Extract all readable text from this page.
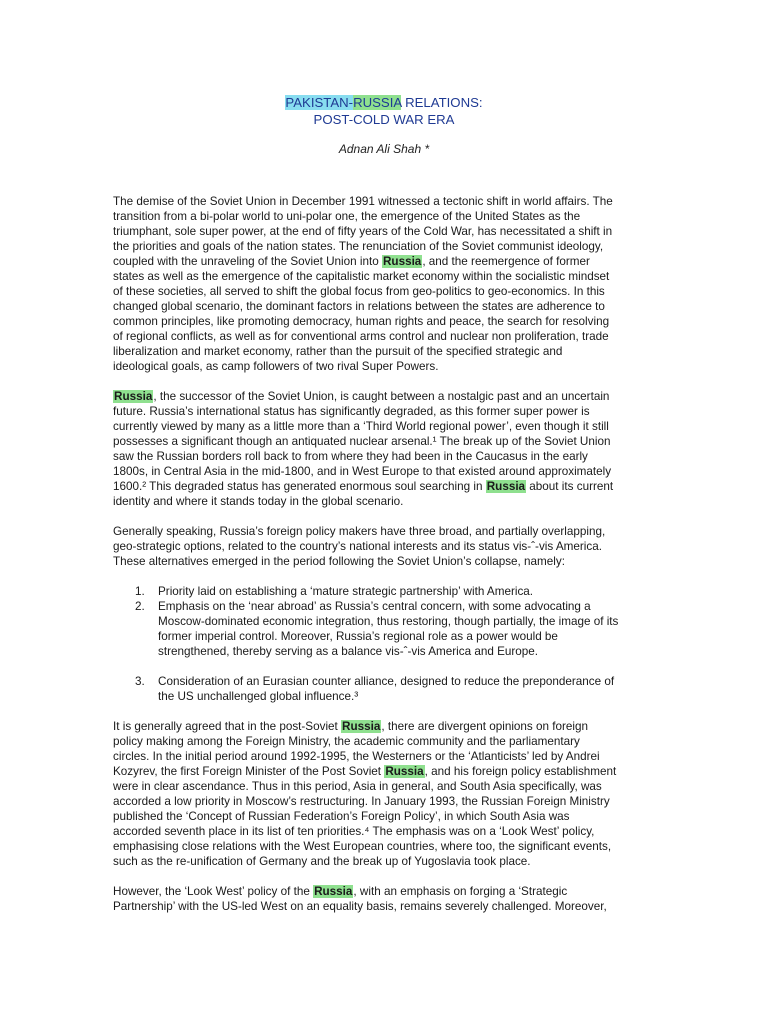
PAKISTAN-RUSSIA RELATIONS:
POST-COLD WAR ERA
Adnan Ali Shah *
The demise of the Soviet Union in December 1991 witnessed a tectonic shift in world affairs. The
transition from a bi-polar world to uni-polar one, the emergence of the United States as the
triumphant, sole super power, at the end of fifty years of the Cold War, has necessitated a shift in
the priorities and goals of the nation states. The renunciation of the Soviet communist ideology,
coupled with the unraveling of the Soviet Union into Russia, and the reemergence of former
states as well as the emergence of the capitalistic market economy within the socialistic mindset
of these societies, all served to shift the global focus from geo-politics to geo-economics. In this
changed global scenario, the dominant factors in relations between the states are adherence to
common principles, like promoting democracy, human rights and peace, the search for resolving
of regional conflicts, as well as for conventional arms control and nuclear non proliferation, trade
liberalization and market economy, rather than the pursuit of the specified strategic and
ideological goals, as camp followers of two rival Super Powers.
Russia, the successor of the Soviet Union, is caught between a nostalgic past and an uncertain
future. Russia’s international status has significantly degraded, as this former super power is
currently viewed by many as a little more than a ‘Third World regional power’, even though it still
possesses a significant though an antiquated nuclear arsenal.¹ The break up of the Soviet Union
saw the Russian borders roll back to from where they had been in the Caucasus in the early
1800s, in Central Asia in the mid-1800, and in West Europe to that existed around approximately
1600.² This degraded status has generated enormous soul searching in Russia about its current
identity and where it stands today in the global scenario.
Generally speaking, Russia’s foreign policy makers have three broad, and partially overlapping,
geo-strategic options, related to the country’s national interests and its status vis-ˆ-vis America.
These alternatives emerged in the period following the Soviet Union’s collapse, namely:
1. Priority laid on establishing a ‘mature strategic partnership’ with America.
2. Emphasis on the ‘near abroad’ as Russia’s central concern, with some advocating a
Moscow-dominated economic integration, thus restoring, though partially, the image of its
former imperial control. Moreover, Russia’s regional role as a power would be
strengthened, thereby serving as a balance vis-ˆ-vis America and Europe.
3. Consideration of an Eurasian counter alliance, designed to reduce the preponderance of
the US unchallenged global influence.³
It is generally agreed that in the post-Soviet Russia, there are divergent opinions on foreign
policy making among the Foreign Ministry, the academic community and the parliamentary
circles. In the initial period around 1992-1995, the Westerners or the ‘Atlanticists’ led by Andrei
Kozyrev, the first Foreign Minister of the Post Soviet Russia, and his foreign policy establishment
were in clear ascendance. Thus in this period, Asia in general, and South Asia specifically, was
accorded a low priority in Moscow’s restructuring. In January 1993, the Russian Foreign Ministry
published the ‘Concept of Russian Federation’s Foreign Policy’, in which South Asia was
accorded seventh place in its list of ten priorities.⁴ The emphasis was on a ‘Look West’ policy,
emphasising close relations with the West European countries, where too, the significant events,
such as the re-unification of Germany and the break up of Yugoslavia took place.
However, the ‘Look West’ policy of the Russia, with an emphasis on forging a ‘Strategic
Partnership’ with the US-led West on an equality basis, remains severely challenged. Moreover,
